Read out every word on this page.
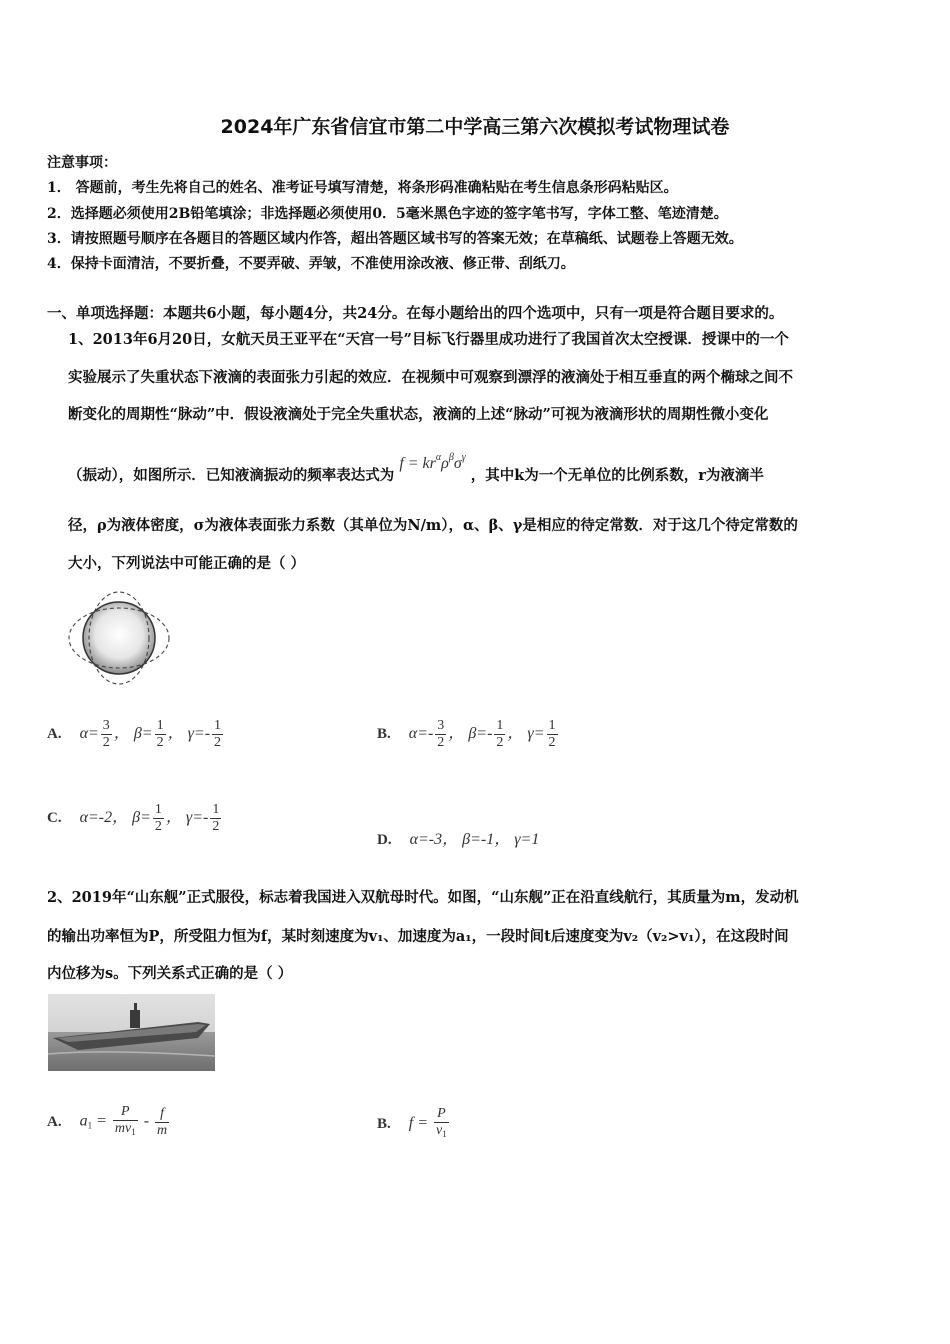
2024年广东省信宜市第二中学高三第六次模拟考试物理试卷
注意事项：
1． 答题前，考生先将自己的姓名、准考证号填写清楚，将条形码准确粘贴在考生信息条形码粘贴区。
2．选择题必须使用2B铅笔填涂；非选择题必须使用0．5毫米黑色字迹的签字笔书写，字体工整、笔迹清楚。
3．请按照题号顺序在各题目的答题区域内作答，超出答题区域书写的答案无效；在草稿纸、试题卷上答题无效。
4．保持卡面清洁，不要折叠，不要弄破、弄皱，不准使用涂改液、修正带、刮纸刀。
一、单项选择题：本题共6小题，每小题4分，共24分。在每小题给出的四个选项中，只有一项是符合题目要求的。
1、2013年6月20日，女航天员王亚平在“天宫一号”目标飞行器里成功进行了我国首次太空授课．授课中的一个
实验展示了失重状态下液滴的表面张力引起的效应．在视频中可观察到漂浮的液滴处于相互垂直的两个椭球之间不
断变化的周期性“脉动”中．假设液滴处于完全失重状态，液滴的上述“脉动”可视为液滴形状的周期性微小变化
（振动），如图所示．已知液滴振动的频率表达式为 $f = kr^\alpha\rho^\beta\sigma^\gamma$ ，其中k为一个无单位的比例系数，r为液滴半
径，ρ为液体密度，σ为液体表面张力系数（其单位为N/m），α、β、γ是相应的待定常数．对于这几个待定常数的
大小，下列说法中可能正确的是（ ）
A. $\alpha= \frac{3}{2}$ ， $\beta= \frac{1}{2}$ ， $\gamma=- \frac{1}{2}$	B. $\alpha=- \frac{3}{2}$ ， $\beta=- \frac{1}{2}$ ， $\gamma= \frac{1}{2}$
C. α=-2， $\beta= \frac{1}{2}$ ， $\gamma=- \frac{1}{2}$
D. α=-3， β=-1， γ=1
2、2019年“山东舰”正式服役，标志着我国进入双航母时代。如图，“山东舰”正在沿直线航行，其质量为m，发动机
的输出功率恒为P，所受阻力恒为f，某时刻速度为v₁、加速度为a₁，一段时间t后速度变为v₂（v₂>v₁），在这段时间
内位移为s。下列关系式正确的是（ ）
A. $a_1 = \frac{P}{mv_1} - \frac{f}{m}$	B. $f = \frac{P}{v_1}$
